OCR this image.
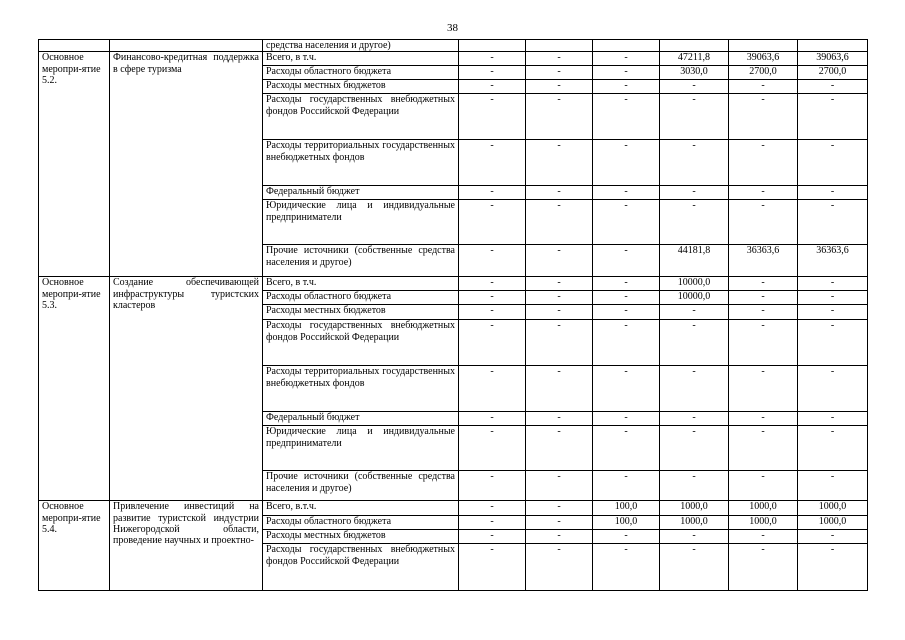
38
		средства населения и другое)						
Основное меропри-ятие 5.2.	Финансово-кредитная поддержка в сфере туризма	Всего, в т.ч.	-	-	-	47211,8	39063,6	39063,6
		Расходы областного бюджета	-	-	-	3030,0	2700,0	2700,0
		Расходы местных бюджетов	-	-	-	-	-	-
		Расходы государственных внебюджетных фондов Российской Федерации	-	-	-	-	-	-
		Расходы территориальных государственных внебюджетных фондов	-	-	-	-	-	-
		Федеральный бюджет	-	-	-	-	-	-
		Юридические лица и индивидуальные предприниматели	-	-	-	-	-	-
		Прочие источники (собственные средства населения и другое)	-	-	-	44181,8	36363,6	36363,6
Основное меропри-ятие 5.3.	Создание обеспечивающей инфраструктуры туристских кластеров	Всего, в т.ч.	-	-	-	10000,0	-	-
		Расходы областного бюджета	-	-	-	10000,0	-	-
		Расходы местных бюджетов	-	-	-	-	-	-
		Расходы государственных внебюджетных фондов Российской Федерации	-	-	-	-	-	-
		Расходы территориальных государственных внебюджетных фондов	-	-	-	-	-	-
		Федеральный бюджет	-	-	-	-	-	-
		Юридические лица и индивидуальные предприниматели	-	-	-	-	-	-
		Прочие источники (собственные средства населения и другое)	-	-	-	-	-	-
Основное меропри-ятие 5.4.	Привлечение инвестиций на развитие туристской индустрии Нижегородской области, проведение научных и проектно-	Всего, в.т.ч.	-	-	100,0	1000,0	1000,0	1000,0
		Расходы областного бюджета	-	-	100,0	1000,0	1000,0	1000,0
		Расходы местных бюджетов	-	-	-	-	-	-
		Расходы государственных внебюджетных фондов Российской Федерации	-	-	-	-	-	-
